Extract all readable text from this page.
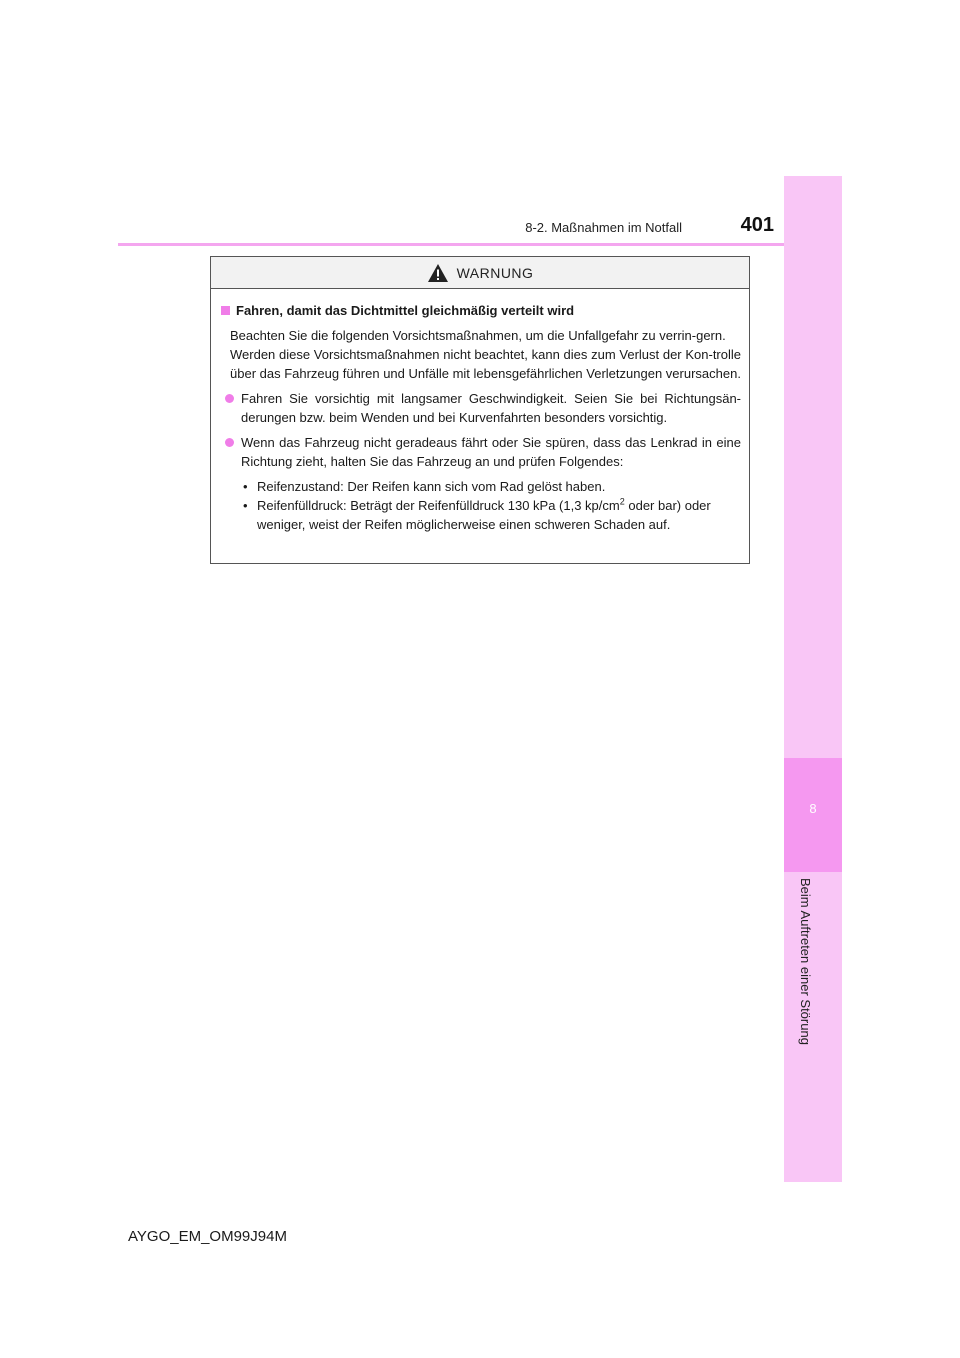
8-2. Maßnahmen im Notfall	401
8
Beim Auftreten einer Störung
WARNUNG
Fahren, damit das Dichtmittel gleichmäßig verteilt wird

Beachten Sie die folgenden Vorsichtsmaßnahmen, um die Unfallgefahr zu verrin-gern.

Werden diese Vorsichtsmaßnahmen nicht beachtet, kann dies zum Verlust der Kon-trolle über das Fahrzeug führen und Unfälle mit lebensgefährlichen Verletzungen verursachen.

Fahren Sie vorsichtig mit langsamer Geschwindigkeit. Seien Sie bei Richtungsän-derungen bzw. beim Wenden und bei Kurvenfahrten besonders vorsichtig.
Wenn das Fahrzeug nicht geradeaus fährt oder Sie spüren, dass das Lenkrad in eine Richtung zieht, halten Sie das Fahrzeug an und prüfen Folgendes:
• Reifenzustand: Der Reifen kann sich vom Rad gelöst haben.
• Reifenfülldruck: Beträgt der Reifenfülldruck 130 kPa (1,3 $kp/cm^2$ oder bar) oder weniger, weist der Reifen möglicherweise einen schweren Schaden auf.
AYGO_EM_OM99J94M
